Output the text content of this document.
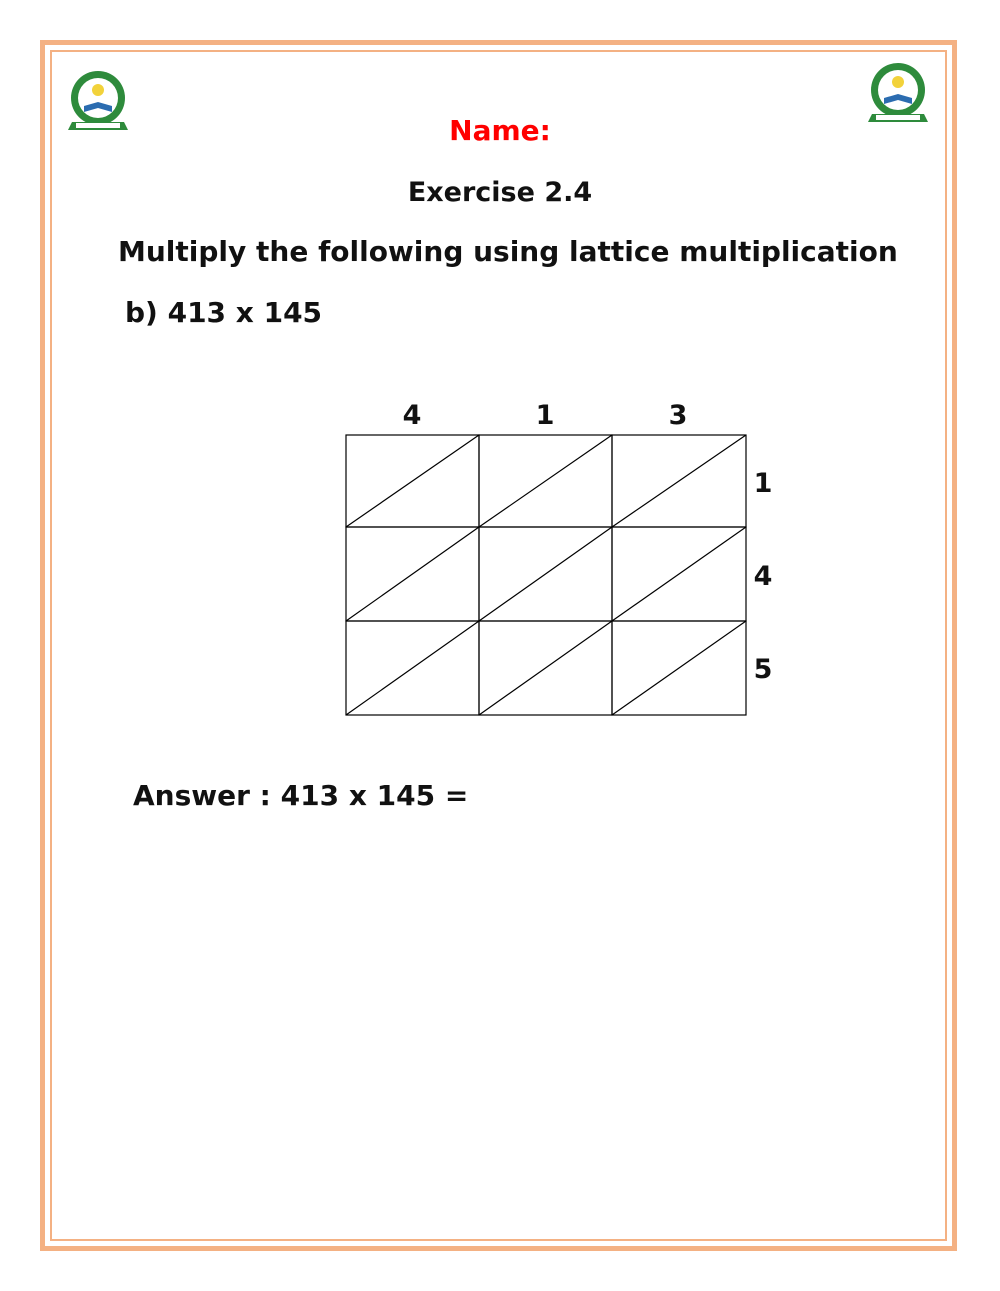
Name:

Exercise 2.4

Multiply the following using lattice multiplication

b) 413 x 145

4	1	3
1
4
5

Answer : 413 x 145 =
